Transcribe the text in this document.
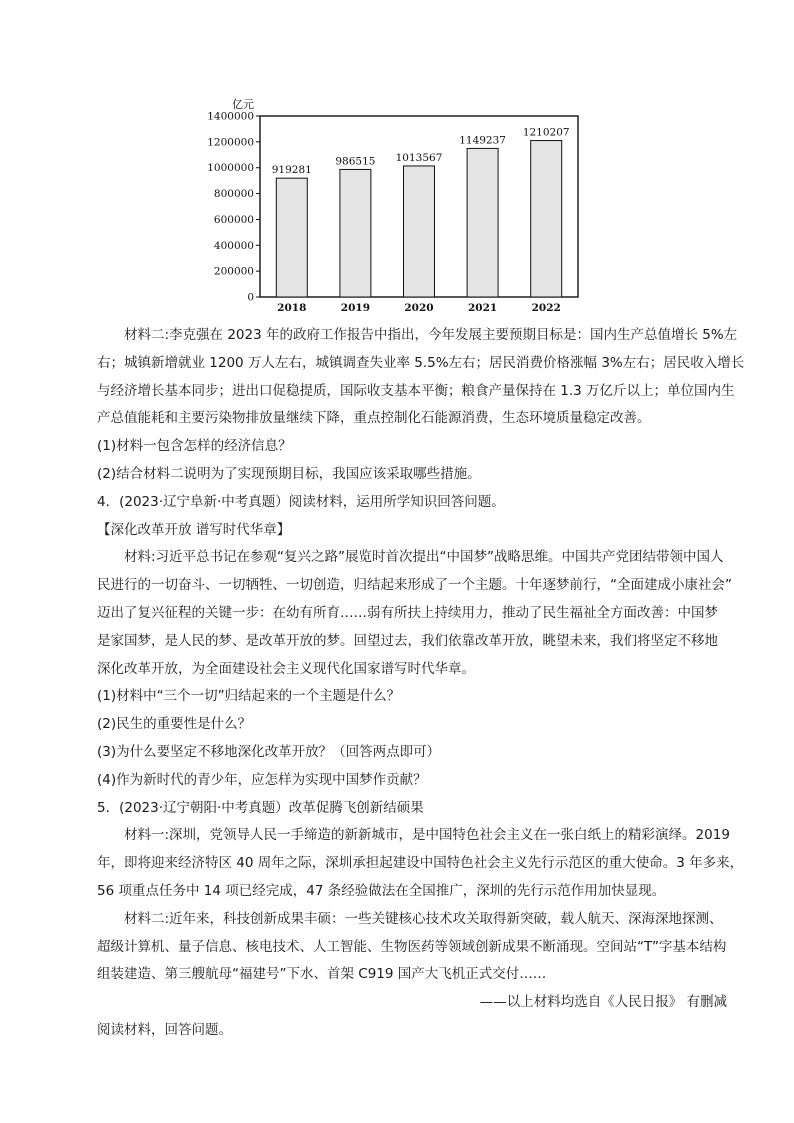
亿元
0
200000
400000
600000
800000
1000000
1200000
1400000
919281
2018
986515
2019
1013567
2020
1149237
2021
1210207
2022
材料二:李克强在 2023 年的政府工作报告中指出，今年发展主要预期目标是：国内生产总值增长 5%左
右；城镇新增就业 1200 万人左右，城镇调查失业率 5.5%左右；居民消费价格涨幅 3%左右；居民收入增长
与经济增长基本同步；进出口促稳提质，国际收支基本平衡；粮食产量保持在 1.3 万亿斤以上；单位国内生
产总值能耗和主要污染物排放量继续下降，重点控制化石能源消费，生态环境质量稳定改善。
(1)材料一包含怎样的经济信息？
(2)结合材料二说明为了实现预期目标，我国应该采取哪些措施。
4．(2023·辽宁阜新·中考真题）阅读材料，运用所学知识回答问题。
【深化改革开放 谱写时代华章】
材料:习近平总书记在参观“复兴之路”展览时首次提出“中国梦”战略思维。中国共产党团结带领中国人
民进行的一切奋斗、一切牺牲、一切创造，归结起来形成了一个主题。十年逐梦前行，“全面建成小康社会”
迈出了复兴征程的关键一步：在幼有所育……弱有所扶上持续用力，推动了民生福祉全方面改善：中国梦
是家国梦，是人民的梦、是改革开放的梦。回望过去，我们依靠改革开放，眺望未来，我们将坚定不移地
深化改革开放，为全面建设社会主义现代化国家谱写时代华章。
(1)材料中“三个一切”归结起来的一个主题是什么？
(2)民生的重要性是什么？
(3)为什么要坚定不移地深化改革开放？（回答两点即可）
(4)作为新时代的青少年，应怎样为实现中国梦作贡献？
5．(2023·辽宁朝阳·中考真题）改革促腾飞创新结硕果
材料一:深圳，党领导人民一手缔造的新新城市，是中国特色社会主义在一张白纸上的精彩演绎。2019
年，即将迎来经济特区 40 周年之际，深圳承担起建设中国特色社会主义先行示范区的重大使命。3 年多来，
56 项重点任务中 14 项已经完成，47 条经验做法在全国推广，深圳的先行示范作用加快显现。
材料二:近年来，科技创新成果丰硕：一些关键核心技术攻关取得新突破，载人航天、深海深地探测、
超级计算机、量子信息、核电技术、人工智能、生物医药等领域创新成果不断涌现。空间站“T”字基本结构
组装建造、第三艘航母“福建号”下水、首架 C919 国产大飞机正式交付……
——以上材料均选自《人民日报》 有删减
阅读材料，回答问题。
